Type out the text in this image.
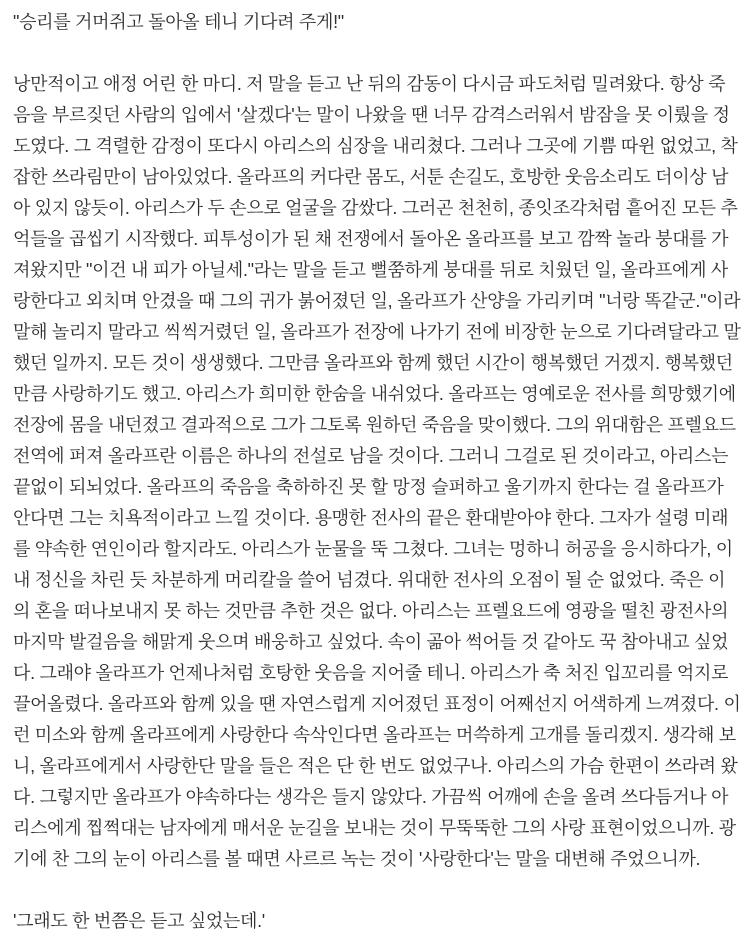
"승리를 거머쥐고 돌아올 테니 기다려 주게!"

낭만적이고 애정 어린 한 마디. 저 말을 듣고 난 뒤의 감동이 다시금 파도처럼 밀려왔다. 항상 죽음을 부르짖던 사람의 입에서 '살겠다'는 말이 나왔을 땐 너무 감격스러워서 밤잠을 못 이뤘을 정도였다. 그 격렬한 감정이 또다시 아리스의 심장을 내리쳤다. 그러나 그곳에 기쁨 따윈 없었고, 착잡한 쓰라림만이 남아있었다. 올라프의 커다란 몸도, 서툰 손길도, 호방한 웃음소리도 더이상 남아 있지 않듯이. 아리스가 두 손으로 얼굴을 감쌌다. 그러곤 천천히, 종잇조각처럼 흩어진 모든 추억들을 곱씹기 시작했다. 피투성이가 된 채 전쟁에서 돌아온 올라프를 보고 깜짝 놀라 붕대를 가져왔지만 "이건 내 피가 아닐세."라는 말을 듣고 뻘쭘하게 붕대를 뒤로 치웠던 일, 올라프에게 사랑한다고 외치며 안겼을 때 그의 귀가 붉어졌던 일, 올라프가 산양을 가리키며 "너랑 똑같군."이라 말해 놀리지 말라고 씩씩거렸던 일, 올라프가 전장에 나가기 전에 비장한 눈으로 기다려달라고 말했던 일까지. 모든 것이 생생했다. 그만큼 올라프와 함께 했던 시간이 행복했던 거겠지. 행복했던 만큼 사랑하기도 했고. 아리스가 희미한 한숨을 내쉬었다. 올라프는 영예로운 전사를 희망했기에 전장에 몸을 내던졌고 결과적으로 그가 그토록 원하던 죽음을 맞이했다. 그의 위대함은 프렐요드 전역에 퍼져 올라프란 이름은 하나의 전설로 남을 것이다. 그러니 그걸로 된 것이라고, 아리스는 끝없이 되뇌었다. 올라프의 죽음을 축하하진 못 할 망정 슬퍼하고 울기까지 한다는 걸 올라프가 안다면 그는 치욕적이라고 느낄 것이다. 용맹한 전사의 끝은 환대받아야 한다. 그자가 설령 미래를 약속한 연인이라 할지라도. 아리스가 눈물을 뚝 그쳤다. 그녀는 멍하니 허공을 응시하다가, 이내 정신을 차린 듯 차분하게 머리칼을 쓸어 넘겼다. 위대한 전사의 오점이 될 순 없었다. 죽은 이의 혼을 떠나보내지 못 하는 것만큼 추한 것은 없다. 아리스는 프렐요드에 영광을 떨친 광전사의 마지막 발걸음을 해맑게 웃으며 배웅하고 싶었다. 속이 곪아 썩어들 것 같아도 꾹 참아내고 싶었다. 그래야 올라프가 언제나처럼 호탕한 웃음을 지어줄 테니. 아리스가 축 처진 입꼬리를 억지로 끌어올렸다. 올라프와 함께 있을 땐 자연스럽게 지어졌던 표정이 어째선지 어색하게 느껴졌다. 이런 미소와 함께 올라프에게 사랑한다 속삭인다면 올라프는 머쓱하게 고개를 돌리겠지. 생각해 보니, 올라프에게서 사랑한단 말을 들은 적은 단 한 번도 없었구나. 아리스의 가슴 한편이 쓰라려 왔다. 그렇지만 올라프가 야속하다는 생각은 들지 않았다. 가끔씩 어깨에 손을 올려 쓰다듬거나 아리스에게 찝쩍대는 남자에게 매서운 눈길을 보내는 것이 무뚝뚝한 그의 사랑 표현이었으니까. 광기에 찬 그의 눈이 아리스를 볼 때면 사르르 녹는 것이 '사랑한다'는 말을 대변해 주었으니까.

'그래도 한 번쯤은 듣고 싶었는데.'
